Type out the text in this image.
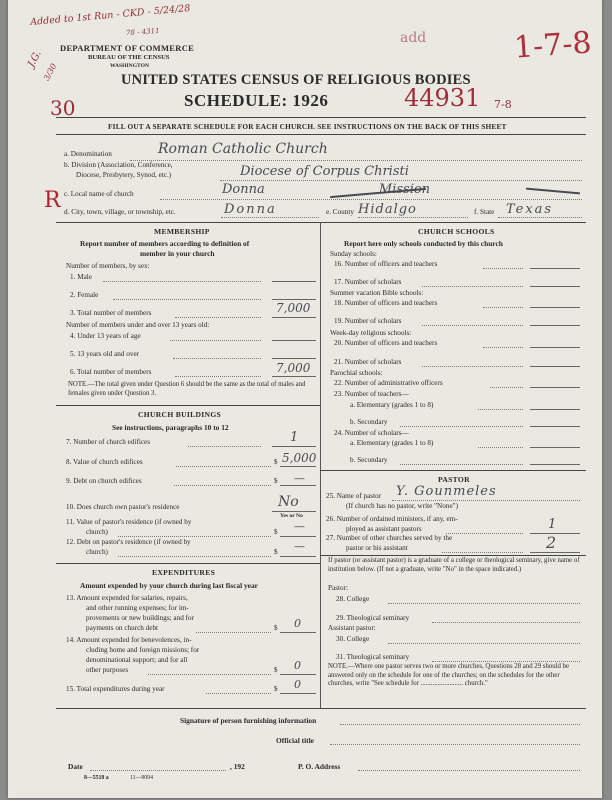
Added to 1st Run - CKD - 5/24/28
78 - 4311
J.G.
3/30
30
DEPARTMENT OF COMMERCE
BUREAU OF THE CENSUS
WASHINGTON
add	1-7-8
UNITED STATES CENSUS OF RELIGIOUS BODIES
SCHEDULE: 1926	44931 7-8
FILL OUT A SEPARATE SCHEDULE FOR EACH CHURCH. SEE INSTRUCTIONS ON THE BACK OF THIS SHEET
a. Denomination	Roman Catholic Church
b. Division (Association, Conference,
Diocese, Presbytery, Synod, etc.)	Diocese of Corpus Christi
R c. Local name of church	Donna Mission
d. City, town, village, or township, etc.	Donna	e. County Hidalgo	f. State Texas
MEMBERSHIP
Report number of members according to definition of
member in your church
Number of members, by sex:
1. Male
2. Female
3. Total number of members	7,000
Number of members under and over 13 years old:
4. Under 13 years of age
5. 13 years old and over
6. Total number of members	7,000
NOTE.—The total given under Question 6 should be the same as the total of males and females given under Question 3.
CHURCH BUILDINGS
See instructions, paragraphs 10 to 12
7. Number of church edifices	1
8. Value of church edifices	$ 5,000
9. Debt on church edifices	$ —
10. Does church own pastor's residence	No
Yes or No
11. Value of pastor's residence (if owned by
church)	$ —
12. Debt on pastor's residence (if owned by
church)	$ —
EXPENDITURES
Amount expended by your church during last fiscal year
13. Amount expended for salaries, repairs,
and other running expenses; for im-
provements or new buildings; and for
payments on church debt	$ 0
14. Amount expended for benevolences, in-
cluding home and foreign missions; for
denominational support; and for all
other purposes	$ 0
15. Total expenditures during year	$ 0
CHURCH SCHOOLS
Report here only schools conducted by this church
Sunday schools:
16. Number of officers and teachers
17. Number of scholars
Summer vacation Bible schools:
18. Number of officers and teachers
19. Number of scholars
Week-day religious schools:
20. Number of officers and teachers
21. Number of scholars
Parochial schools:
22. Number of administrative officers
23. Number of teachers—
a. Elementary (grades 1 to 8)
b. Secondary
24. Number of scholars—
a. Elementary (grades 1 to 8)
b. Secondary
PASTOR
25. Name of pastor Y. Gounmeles
(If church has no pastor, write "None")
26. Number of ordained ministers, if any, em-
ployed as assistant pastors	1
27. Number of other churches served by the
pastor or his assistant	2
If pastor (or assistant pastor) is a graduate of a college or theological seminary, give name of institution below. (If not a graduate, write "No" in the space indicated.)
Pastor:
28. College
29. Theological seminary
Assistant pastor:
30. College
31. Theological seminary
NOTE.—Where one pastor serves two or more churches, Questions 28 and 29 should be answered only on the schedule for one of the churches; on the schedules for the other churches, write "See schedule for ......................... church."
Signature of person furnishing information
Official title
Date	, 192	P. O. Address
8—5518 a	11—9094
